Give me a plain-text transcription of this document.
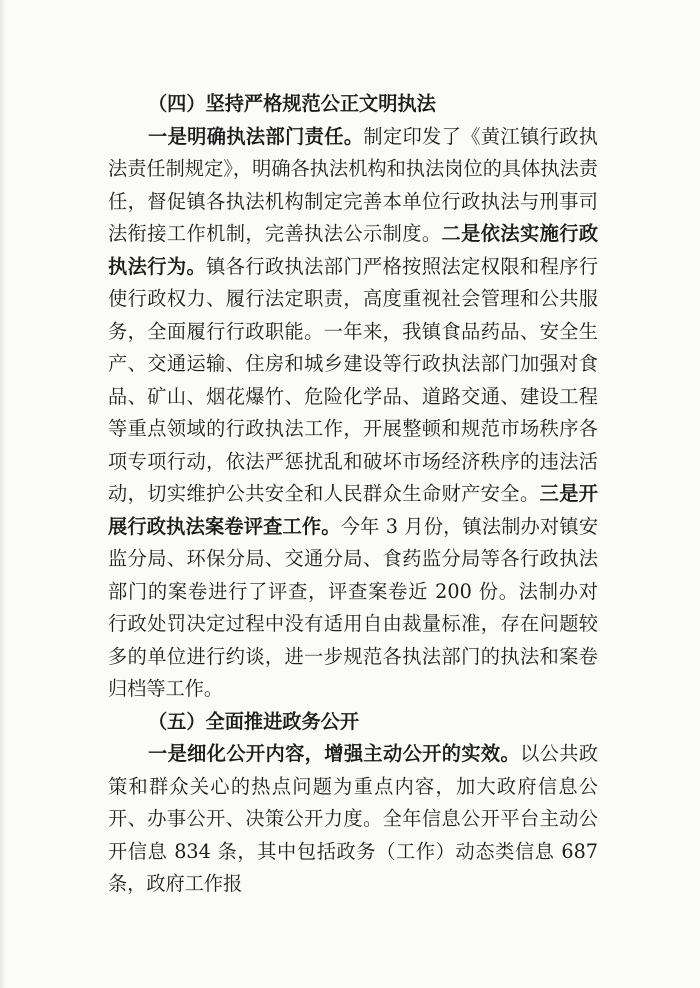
（四）坚持严格规范公正文明执法

一是明确执法部门责任。制定印发了《黄江镇行政执法责任制规定》，明确各执法机构和执法岗位的具体执法责任，督促镇各执法机构制定完善本单位行政执法与刑事司法衔接工作机制，完善执法公示制度。二是依法实施行政执法行为。镇各行政执法部门严格按照法定权限和程序行使行政权力、履行法定职责，高度重视社会管理和公共服务，全面履行行政职能。一年来，我镇食品药品、安全生产、交通运输、住房和城乡建设等行政执法部门加强对食品、矿山、烟花爆竹、危险化学品、道路交通、建设工程等重点领域的行政执法工作，开展整顿和规范市场秩序各项专项行动，依法严惩扰乱和破坏市场经济秩序的违法活动，切实维护公共安全和人民群众生命财产安全。三是开展行政执法案卷评查工作。今年 3 月份，镇法制办对镇安监分局、环保分局、交通分局、食药监分局等各行政执法部门的案卷进行了评查，评查案卷近 200 份。法制办对行政处罚决定过程中没有适用自由裁量标准，存在问题较多的单位进行约谈，进一步规范各执法部门的执法和案卷归档等工作。

（五）全面推进政务公开

一是细化公开内容，增强主动公开的实效。以公共政策和群众关心的热点问题为重点内容，加大政府信息公开、办事公开、决策公开力度。全年信息公开平台主动公开信息 834 条，其中包括政务（工作）动态类信息 687 条，政府工作报
